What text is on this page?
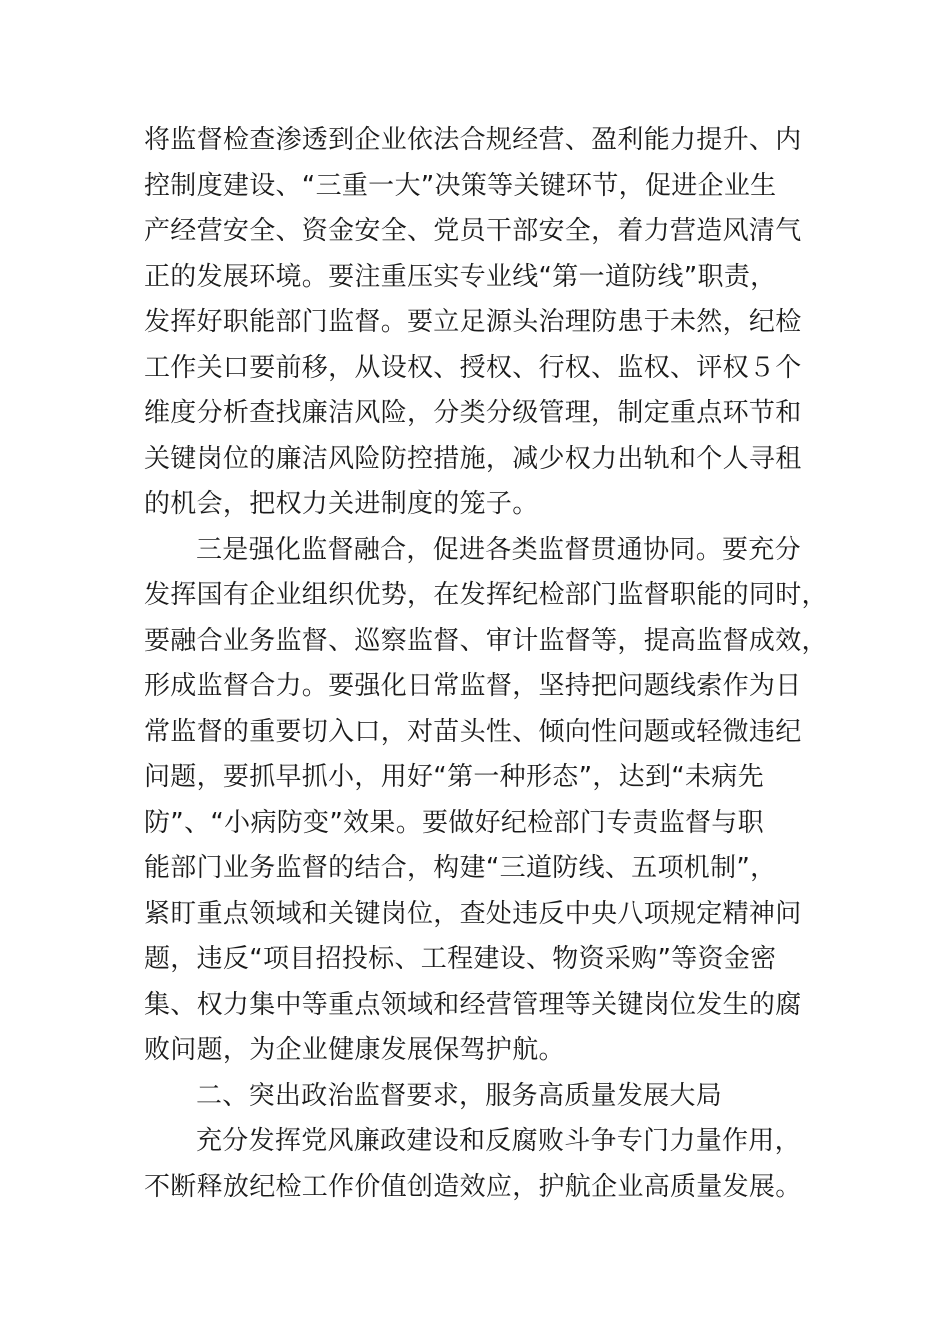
将监督检查渗透到企业依法合规经营、盈利能力提升、内
控制度建设、“三重一大”决策等关键环节，促进企业生
产经营安全、资金安全、党员干部安全，着力营造风清气
正的发展环境。要注重压实专业线“第一道防线”职责，
发挥好职能部门监督。要立足源头治理防患于未然，纪检
工作关口要前移，从设权、授权、行权、监权、评权５个
维度分析查找廉洁风险，分类分级管理，制定重点环节和
关键岗位的廉洁风险防控措施，减少权力出轨和个人寻租
的机会，把权力关进制度的笼子。
三是强化监督融合，促进各类监督贯通协同。要充分
发挥国有企业组织优势，在发挥纪检部门监督职能的同时，
要融合业务监督、巡察监督、审计监督等，提高监督成效，
形成监督合力。要强化日常监督，坚持把问题线索作为日
常监督的重要切入口，对苗头性、倾向性问题或轻微违纪
问题，要抓早抓小，用好“第一种形态”，达到“未病先
防”、“小病防变”效果。要做好纪检部门专责监督与职
能部门业务监督的结合，构建“三道防线、五项机制”，
紧盯重点领域和关键岗位，查处违反中央八项规定精神问
题，违反“项目招投标、工程建设、物资采购”等资金密
集、权力集中等重点领域和经营管理等关键岗位发生的腐
败问题，为企业健康发展保驾护航。
二、突出政治监督要求，服务高质量发展大局
充分发挥党风廉政建设和反腐败斗争专门力量作用，
不断释放纪检工作价值创造效应，护航企业高质量发展。
